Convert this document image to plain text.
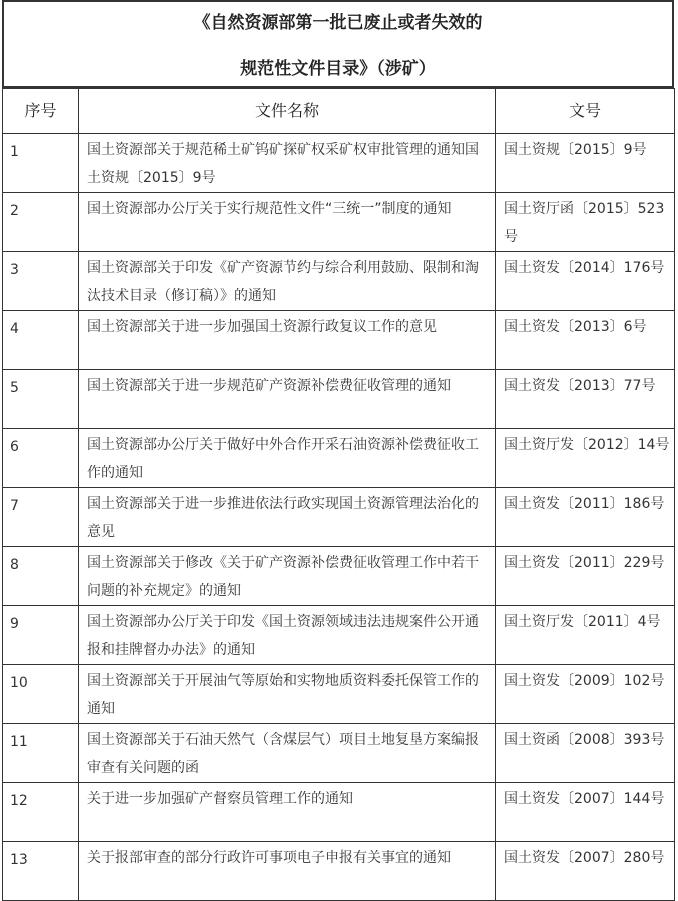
《自然资源部第一批已废止或者失效的
规范性文件目录》（涉矿）
序号	文件名称	文号
1	国土资源部关于规范稀土矿钨矿探矿权采矿权审批管理的通知国土资规〔2015〕9号	国土资规〔2015〕9号
2	国土资源部办公厅关于实行规范性文件“三统一”制度的通知	国土资厅函〔2015〕523号
3	国土资源部关于印发《矿产资源节约与综合利用鼓励、限制和淘汰技术目录（修订稿）》的通知	国土资发〔2014〕176号
4	国土资源部关于进一步加强国土资源行政复议工作的意见	国土资发〔2013〕6号
5	国土资源部关于进一步规范矿产资源补偿费征收管理的通知	国土资发〔2013〕77号
6	国土资源部办公厅关于做好中外合作开采石油资源补偿费征收工作的通知	国土资厅发〔2012〕14号
7	国土资源部关于进一步推进依法行政实现国土资源管理法治化的意见	国土资发〔2011〕186号
8	国土资源部关于修改《关于矿产资源补偿费征收管理工作中若干问题的补充规定》的通知	国土资发〔2011〕229号
9	国土资源部办公厅关于印发《国土资源领域违法违规案件公开通报和挂牌督办办法》的通知	国土资厅发〔2011〕4号
10	国土资源部关于开展油气等原始和实物地质资料委托保管工作的通知	国土资发〔2009〕102号
11	国土资源部关于石油天然气（含煤层气）项目土地复垦方案编报审查有关问题的函	国土资函〔2008〕393号
12	关于进一步加强矿产督察员管理工作的通知	国土资发〔2007〕144号
13	关于报部审查的部分行政许可事项电子申报有关事宜的通知	国土资发〔2007〕280号
